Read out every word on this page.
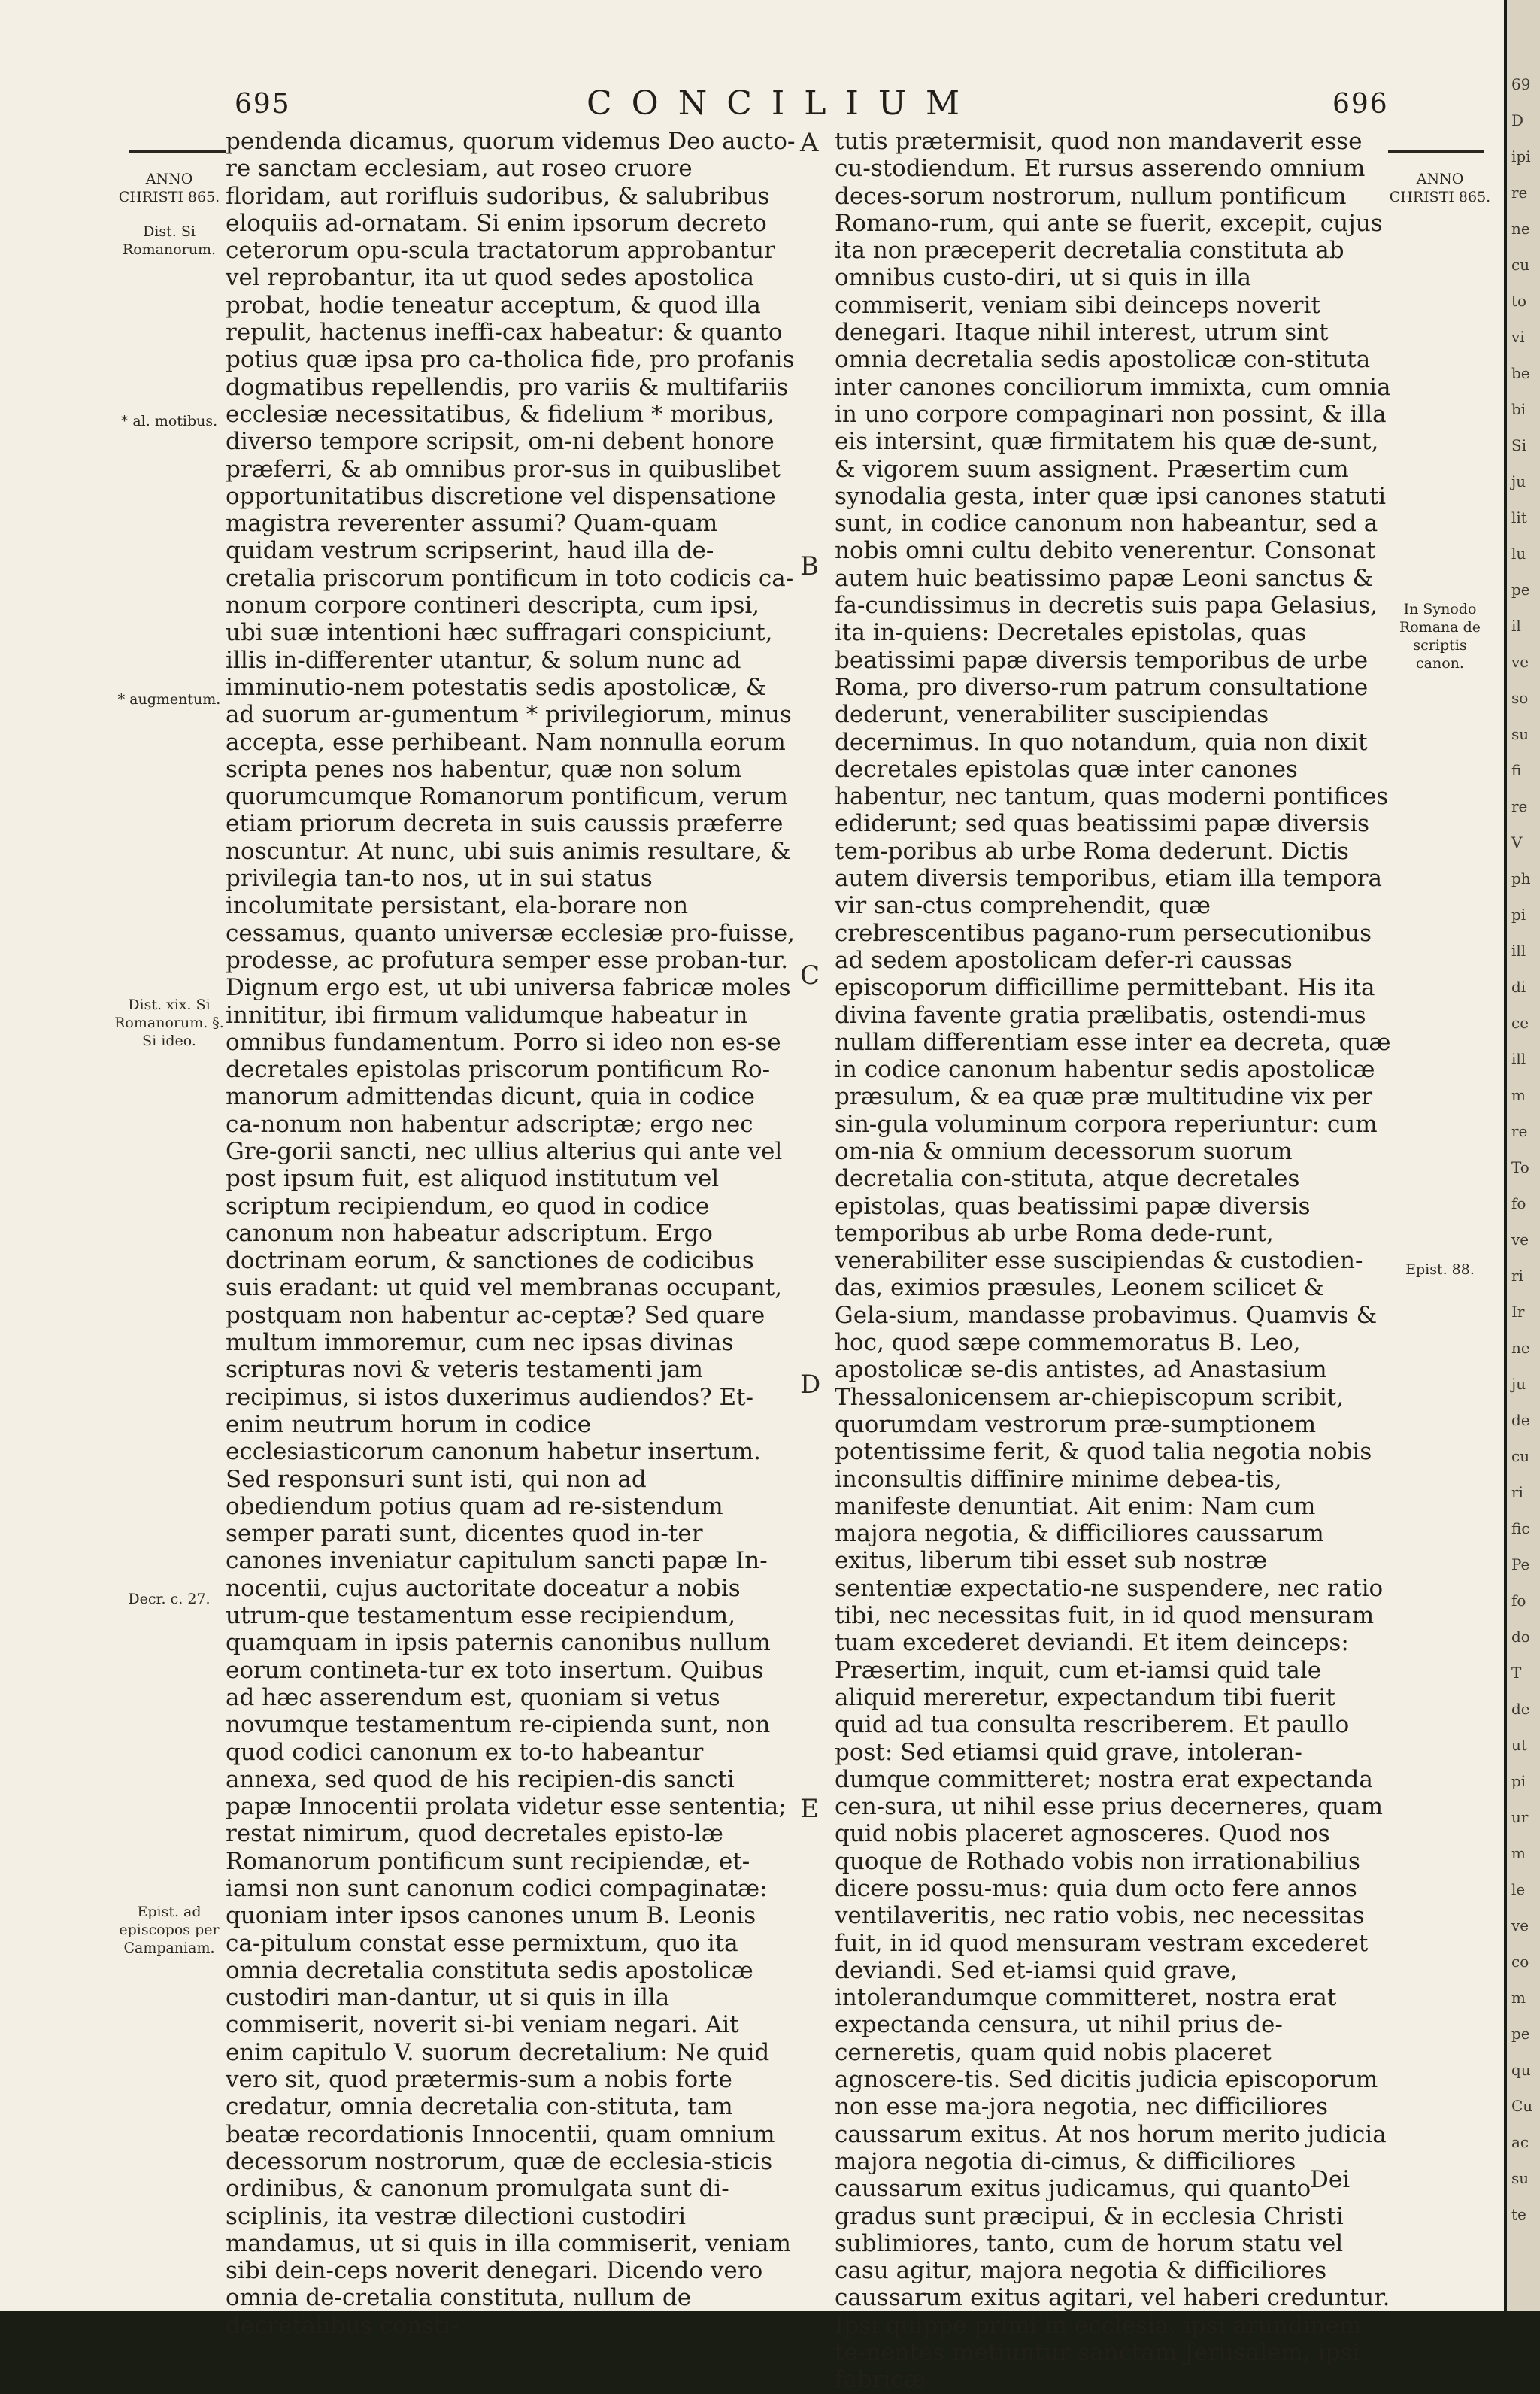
695	CONCILIUM	696
ANNO CHRISTI 865.
Dist. Si Romanorum.
* al. motibus.
* augmentum.
Dist. xix. Si Romanorum. §. Si ideo.
Decr. c. 27.
Epist. ad episcopos per Campaniam.
ANNO CHRISTI 865.
In Synodo Romana de scriptis canon.
Epist. 88.
A
B
C
D
E

pendenda dicamus, quorum videmus Deo aucto-re sanctam ecclesiam, aut roseo cruore floridam, aut rorifluis sudoribus, & salubribus eloquiis ad-ornatam. Si enim ipsorum decreto ceterorum opu-scula tractatorum approbantur vel reprobantur, ita ut quod sedes apostolica probat, hodie teneatur acceptum, & quod illa repulit, hactenus ineffi-cax habeatur: & quanto potius quæ ipsa pro ca-tholica fide, pro profanis dogmatibus repellendis, pro variis & multifariis ecclesiæ necessitatibus, & fidelium * moribus, diverso tempore scripsit, om-ni debent honore præferri, & ab omnibus pror-sus in quibuslibet opportunitatibus discretione vel dispensatione magistra reverenter assumi? Quam-quam quidam vestrum scripserint, haud illa de-cretalia priscorum pontificum in toto codicis ca-nonum corpore contineri descripta, cum ipsi, ubi suæ intentioni hæc suffragari conspiciunt, illis in-differenter utantur, & solum nunc ad imminutio-nem potestatis sedis apostolicæ, & ad suorum ar-gumentum * privilegiorum, minus accepta, esse perhibeant. Nam nonnulla eorum scripta penes nos habentur, quæ non solum quorumcumque Romanorum pontificum, verum etiam priorum decreta in suis caussis præferre noscuntur. At nunc, ubi suis animis resultare, & privilegia tan-to nos, ut in sui status incolumitate persistant, ela-borare non cessamus, quanto universæ ecclesiæ pro-fuisse, prodesse, ac profutura semper esse proban-tur. Dignum ergo est, ut ubi universa fabricæ moles innititur, ibi firmum validumque habeatur in omnibus fundamentum. Porro si ideo non es-se decretales epistolas priscorum pontificum Ro-manorum admittendas dicunt, quia in codice ca-nonum non habentur adscriptæ; ergo nec Gre-gorii sancti, nec ullius alterius qui ante vel post ipsum fuit, est aliquod institutum vel scriptum recipiendum, eo quod in codice canonum non habeatur adscriptum. Ergo doctrinam eorum, & sanctiones de codicibus suis eradant: ut quid vel membranas occupant, postquam non habentur ac-ceptæ? Sed quare multum immoremur, cum nec ipsas divinas scripturas novi & veteris testamenti jam recipimus, si istos duxerimus audiendos? Et-enim neutrum horum in codice ecclesiasticorum canonum habetur insertum. Sed responsuri sunt isti, qui non ad obediendum potius quam ad re-sistendum semper parati sunt, dicentes quod in-ter canones inveniatur capitulum sancti papæ In-nocentii, cujus auctoritate doceatur a nobis utrum-que testamentum esse recipiendum, quamquam in ipsis paternis canonibus nullum eorum contineta-tur ex toto insertum. Quibus ad hæc asserendum est, quoniam si vetus novumque testamentum re-cipienda sunt, non quod codici canonum ex to-to habeantur annexa, sed quod de his recipien-dis sancti papæ Innocentii prolata videtur esse sententia; restat nimirum, quod decretales episto-læ Romanorum pontificum sunt recipiendæ, et-iamsi non sunt canonum codici compaginatæ: quoniam inter ipsos canones unum B. Leonis ca-pitulum constat esse permixtum, quo ita omnia decretalia constituta sedis apostolicæ custodiri man-dantur, ut si quis in illa commiserit, noverit si-bi veniam negari. Ait enim capitulo V. suorum decretalium: Ne quid vero sit, quod prætermis-sum a nobis forte credatur, omnia decretalia con-stituta, tam beatæ recordationis Innocentii, quam omnium decessorum nostrorum, quæ de ecclesia-sticis ordinibus, & canonum promulgata sunt di-sciplinis, ita vestræ dilectioni custodiri mandamus, ut si quis in illa commiserit, veniam sibi dein-ceps noverit denegari. Dicendo vero omnia de-cretalia constituta, nullum de decretalibus consti-

tutis prætermisit, quod non mandaverit esse cu-stodiendum. Et rursus asserendo omnium deces-sorum nostrorum, nullum pontificum Romano-rum, qui ante se fuerit, excepit, cujus ita non præceperit decretalia constituta ab omnibus custo-diri, ut si quis in illa commiserit, veniam sibi deinceps noverit denegari. Itaque nihil interest, utrum sint omnia decretalia sedis apostolicæ con-stituta inter canones conciliorum immixta, cum omnia in uno corpore compaginari non possint, & illa eis intersint, quæ firmitatem his quæ de-sunt, & vigorem suum assignent. Præsertim cum synodalia gesta, inter quæ ipsi canones statuti sunt, in codice canonum non habeantur, sed a nobis omni cultu debito venerentur. Consonat autem huic beatissimo papæ Leoni sanctus & fa-cundissimus in decretis suis papa Gelasius, ita in-quiens: Decretales epistolas, quas beatissimi papæ diversis temporibus de urbe Roma, pro diverso-rum patrum consultatione dederunt, venerabiliter suscipiendas decernimus. In quo notandum, quia non dixit decretales epistolas quæ inter canones habentur, nec tantum, quas moderni pontifices ediderunt; sed quas beatissimi papæ diversis tem-poribus ab urbe Roma dederunt. Dictis autem diversis temporibus, etiam illa tempora vir san-ctus comprehendit, quæ crebrescentibus pagano-rum persecutionibus ad sedem apostolicam defer-ri caussas episcoporum difficillime permittebant. His ita divina favente gratia prælibatis, ostendi-mus nullam differentiam esse inter ea decreta, quæ in codice canonum habentur sedis apostolicæ præsulum, & ea quæ præ multitudine vix per sin-gula voluminum corpora reperiuntur: cum om-nia & omnium decessorum suorum decretalia con-stituta, atque decretales epistolas, quas beatissimi papæ diversis temporibus ab urbe Roma dede-runt, venerabiliter esse suscipiendas & custodien-das, eximios præsules, Leonem scilicet & Gela-sium, mandasse probavimus. Quamvis & hoc, quod sæpe commemoratus B. Leo, apostolicæ se-dis antistes, ad Anastasium Thessalonicensem ar-chiepiscopum scribit, quorumdam vestrorum præ-sumptionem potentissime ferit, & quod talia negotia nobis inconsultis diffinire minime debea-tis, manifeste denuntiat. Ait enim: Nam cum majora negotia, & difficiliores caussarum exitus, liberum tibi esset sub nostræ sententiæ expectatio-ne suspendere, nec ratio tibi, nec necessitas fuit, in id quod mensuram tuam excederet deviandi. Et item deinceps: Præsertim, inquit, cum et-iamsi quid tale aliquid mereretur, expectandum tibi fuerit quid ad tua consulta rescriberem. Et paullo post: Sed etiamsi quid grave, intoleran-dumque committeret; nostra erat expectanda cen-sura, ut nihil esse prius decerneres, quam quid nobis placeret agnosceres. Quod nos quoque de Rothado vobis non irrationabilius dicere possu-mus: quia dum octo fere annos ventilaveritis, nec ratio vobis, nec necessitas fuit, in id quod mensuram vestram excederet deviandi. Sed et-iamsi quid grave, intolerandumque committeret, nostra erat expectanda censura, ut nihil prius de-cerneretis, quam quid nobis placeret agnoscere-tis. Sed dicitis judicia episcoporum non esse ma-jora negotia, nec difficiliores caussarum exitus. At nos horum merito judicia majora negotia di-cimus, & difficiliores caussarum exitus judicamus, qui quanto gradus sunt præcipui, & in ecclesia Christi sublimiores, tanto, cum de horum statu vel casu agitur, majora negotia & difficiliores caussarum exitus agitari, vel haberi creduntur. Ipsi quippe primi in ecclesia, ipsi arundinem te-nentes metiuntur sanctam Jerusalem, ipsi fabricæ

Dei
69
D
ipi
re
ne
cu
to
vi
be
bi
Si
ju
lit
lu
pe
il
ve
so
su
fi
re
V
ph
pi
ill
di
ce
ill
m
re
To
fo
ve
ri
Ir
ne
ju
de
cu
ri
fic
Pe
fo
do
T
de
ut
pi
ur
m
le
ve
co
m
pe
qu
Cu
ac
su
te
